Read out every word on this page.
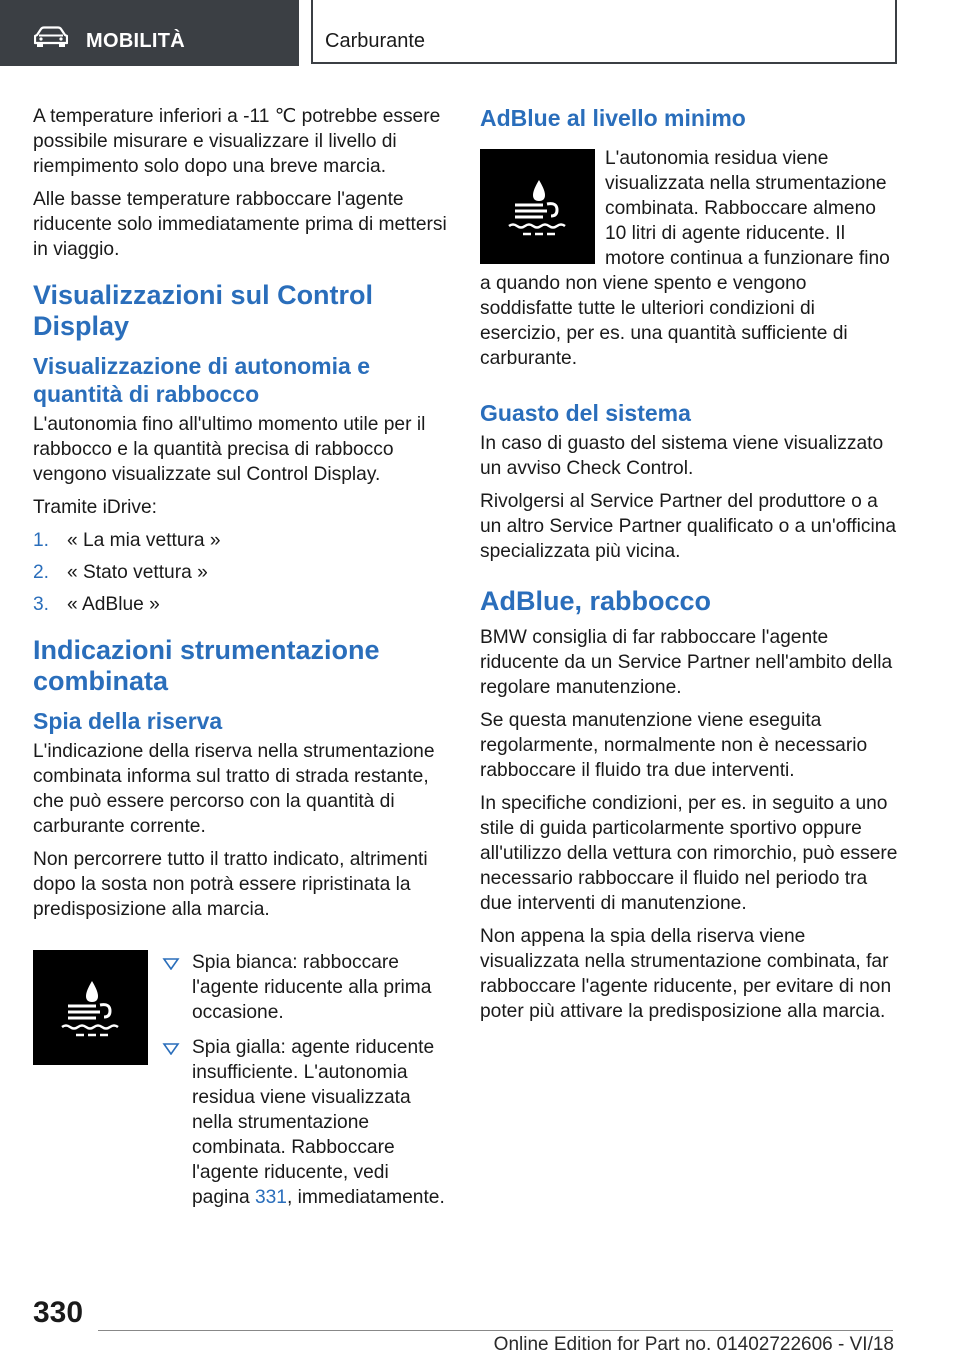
MOBILITÀ	Carburante

A temperature inferiori a -11 ℃ potrebbe essere possibile misurare e visualizzare il livello di riempimento solo dopo una breve marcia.

Alle basse temperature rabboccare l'agente riducente solo immediatamente prima di mettersi in viaggio.

Visualizzazioni sul Control Display
Visualizzazione di autonomia e quantità di rabbocco

L'autonomia fino all'ultimo momento utile per il rabbocco e la quantità precisa di rabbocco vengono visualizzate sul Control Display.

Tramite iDrive:

1. « La mia vettura »
2. « Stato vettura »
3. « AdBlue »
Indicazioni strumentazione combinata
Spia della riserva

L'indicazione della riserva nella strumentazione combinata informa sul tratto di strada restante, che può essere percorso con la quantità di carburante corrente.

Non percorrere tutto il tratto indicato, altrimenti dopo la sosta non potrà essere ripristinata la predisposizione alla marcia.

Spia bianca: rabboccare l'agente riducente alla prima occasione.
Spia gialla: agente riducente insufficiente. L'autonomia residua viene visualizzata nella strumentazione combinata. Rabboccare l'agente riducente, vedi pagina 331, immediatamente.
AdBlue al livello minimo

L'autonomia residua viene visualizzata nella strumentazione combinata. Rabboccare almeno 10 litri di agente riducente. Il motore continua a funzionare fino a quando non viene spento e vengono soddisfatte tutte le ulteriori condizioni di esercizio, per es. una quantità sufficiente di carburante.

Guasto del sistema

In caso di guasto del sistema viene visualizzato un avviso Check Control.

Rivolgersi al Service Partner del produttore o a un altro Service Partner qualificato o a un'officina specializzata più vicina.

AdBlue, rabbocco

BMW consiglia di far rabboccare l'agente riducente da un Service Partner nell'ambito della regolare manutenzione.

Se questa manutenzione viene eseguita regolarmente, normalmente non è necessario rabboccare il fluido tra due interventi.

In specifiche condizioni, per es. in seguito a uno stile di guida particolarmente sportivo oppure all'utilizzo della vettura con rimorchio, può essere necessario rabboccare il fluido nel periodo tra due interventi di manutenzione.

Non appena la spia della riserva viene visualizzata nella strumentazione combinata, far rabboccare l'agente riducente, per evitare di non poter più attivare la predisposizione alla marcia.

330
Online Edition for Part no. 01402722606 - VI/18
